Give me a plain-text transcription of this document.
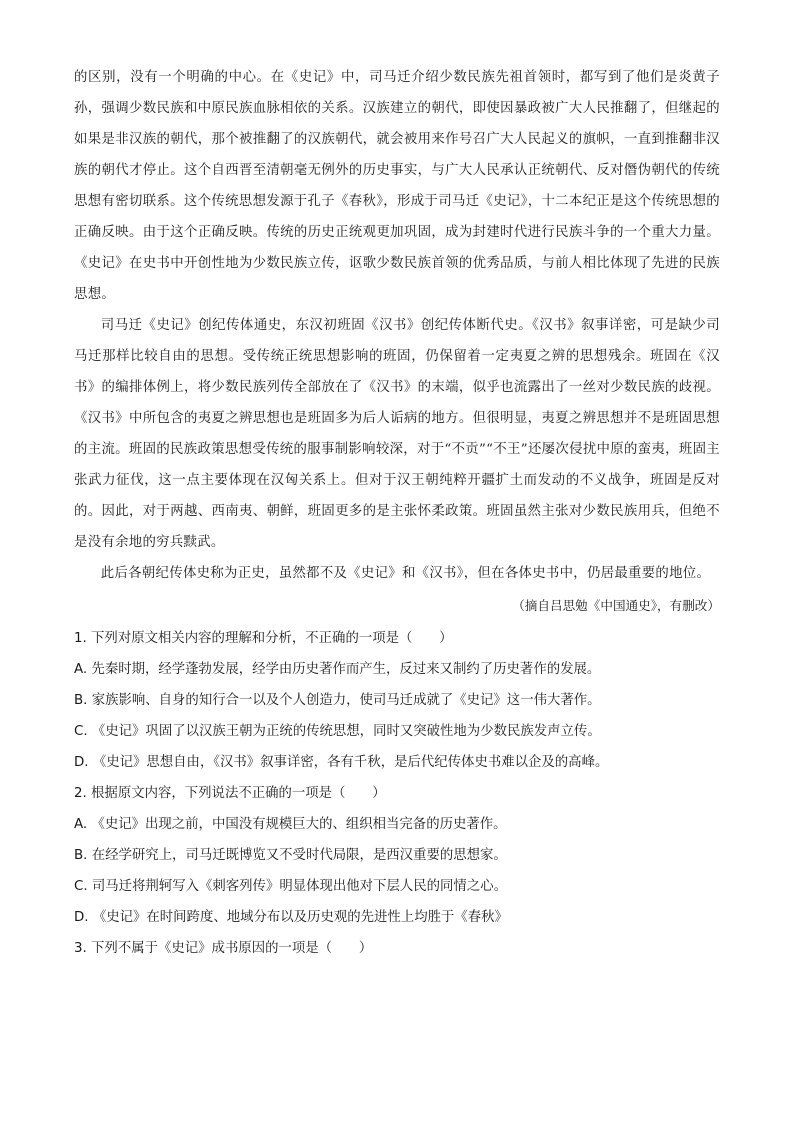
的区别，没有一个明确的中心。在《史记》中，司马迁介绍少数民族先祖首领时，都写到了他们是炎黄子孙，强调少数民族和中原民族血脉相依的关系。汉族建立的朝代，即使因暴政被广大人民推翻了，但继起的如果是非汉族的朝代，那个被推翻了的汉族朝代，就会被用来作号召广大人民起义的旗帜，一直到推翻非汉族的朝代才停止。这个自西晋至清朝毫无例外的历史事实，与广大人民承认正统朝代、反对僭伪朝代的传统思想有密切联系。这个传统思想发源于孔子《春秋》，形成于司马迁《史记》，十二本纪正是这个传统思想的正确反映。由于这个正确反映。传统的历史正统观更加巩固，成为封建时代进行民族斗争的一个重大力量。《史记》在史书中开创性地为少数民族立传，讴歌少数民族首领的优秀品质，与前人相比体现了先进的民族思想。

司马迁《史记》创纪传体通史，东汉初班固《汉书》创纪传体断代史。《汉书》叙事详密，可是缺少司马迁那样比较自由的思想。受传统正统思想影响的班固，仍保留着一定夷夏之辨的思想残余。班固在《汉书》的编排体例上，将少数民族列传全部放在了《汉书》的末端，似乎也流露出了一丝对少数民族的歧视。《汉书》中所包含的夷夏之辨思想也是班固多为后人诟病的地方。但很明显，夷夏之辨思想并不是班固思想的主流。班固的民族政策思想受传统的服事制影响较深，对于“不贡”“不王”还屡次侵扰中原的蛮夷，班固主张武力征伐，这一点主要体现在汉匈关系上。但对于汉王朝纯粹开疆扩土而发动的不义战争，班固是反对的。因此，对于两越、西南夷、朝鲜，班固更多的是主张怀柔政策。班固虽然主张对少数民族用兵，但绝不是没有余地的穷兵黩武。

此后各朝纪传体史称为正史，虽然都不及《史记》和《汉书》，但在各体史书中，仍居最重要的地位。

（摘自吕思勉《中国通史》，有删改）
1. 下列对原文相关内容的理解和分析，不正确的一项是（　　）
A. 先秦时期，经学蓬勃发展，经学由历史著作而产生，反过来又制约了历史著作的发展。
B. 家族影响、自身的知行合一以及个人创造力，使司马迁成就了《史记》这一伟大著作。
C. 《史记》巩固了以汉族王朝为正统的传统思想，同时又突破性地为少数民族发声立传。
D. 《史记》思想自由，《汉书》叙事详密，各有千秋，是后代纪传体史书难以企及的高峰。
2. 根据原文内容，下列说法不正确的一项是（　　）
A. 《史记》出现之前，中国没有规模巨大的、组织相当完备的历史著作。
B. 在经学研究上，司马迁既博览又不受时代局限，是西汉重要的思想家。
C. 司马迁将荆轲写入《刺客列传》明显体现出他对下层人民的同情之心。
D. 《史记》在时间跨度、地域分布以及历史观的先进性上均胜于《春秋》
3. 下列不属于《史记》成书原因的一项是（　　）
